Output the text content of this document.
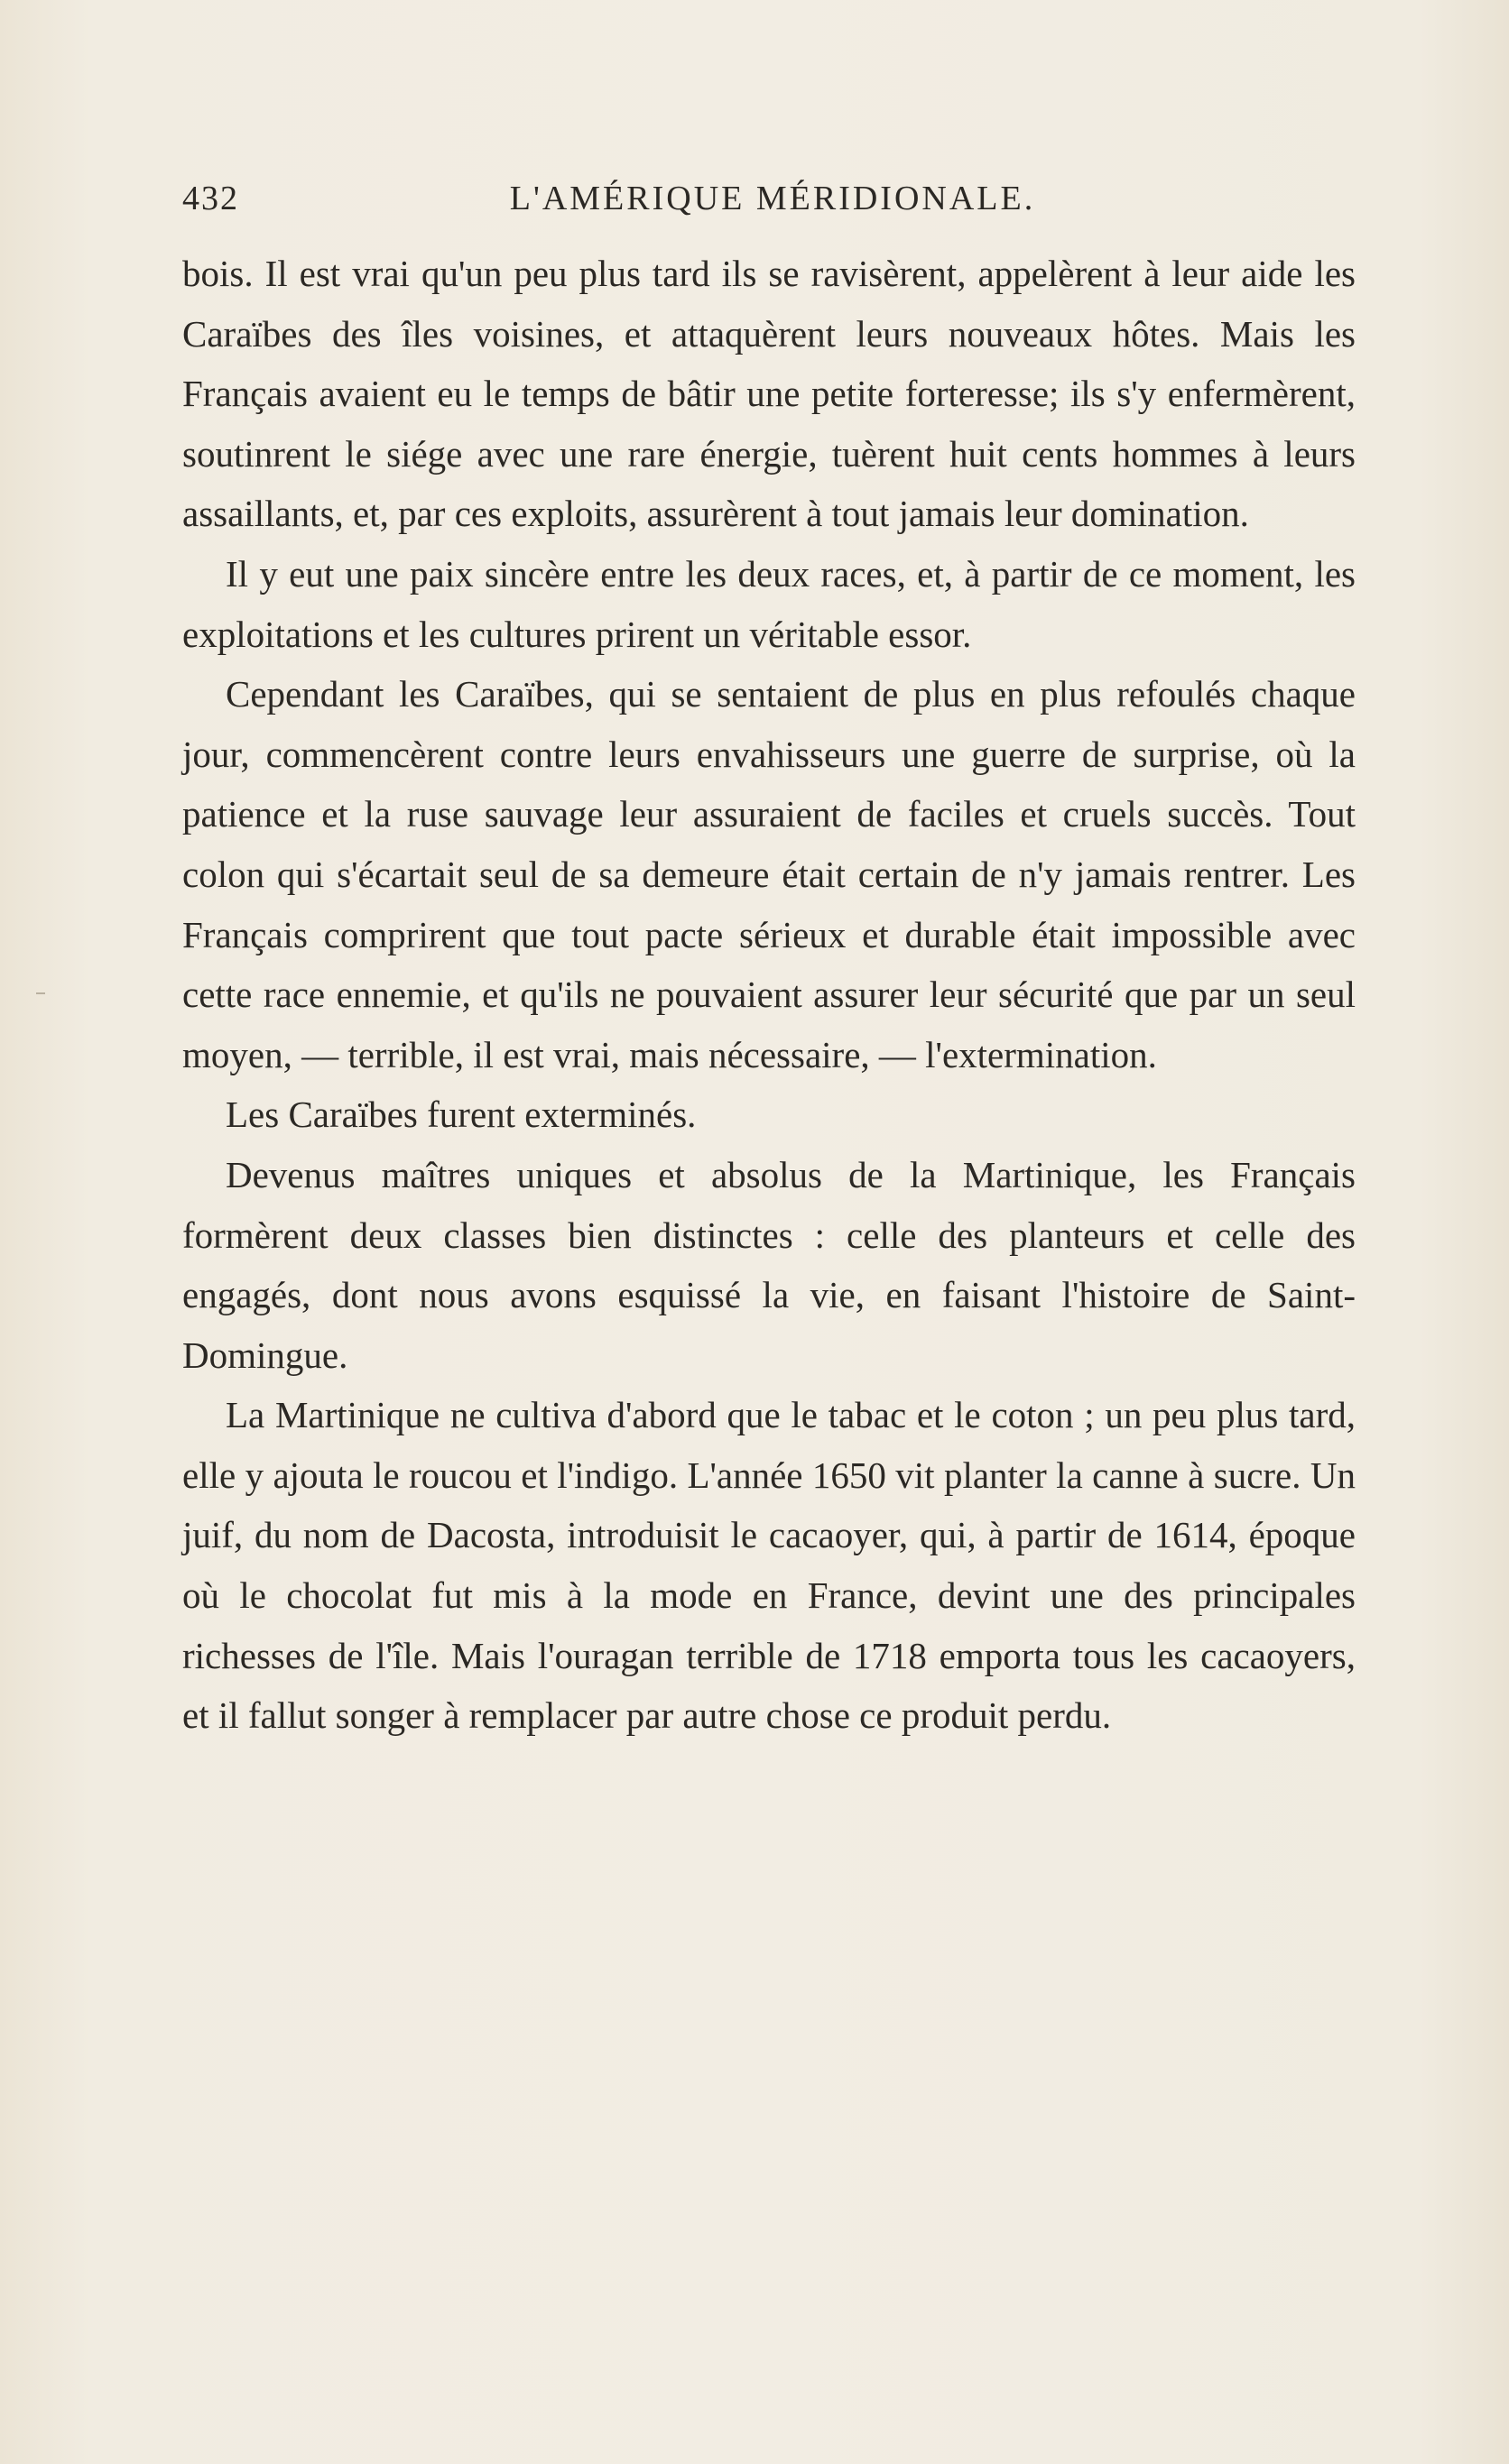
432	L'AMÉRIQUE MÉRIDIONALE.

bois. Il est vrai qu'un peu plus tard ils se ravisèrent, appelèrent à leur aide les Caraïbes des îles voisines, et attaquèrent leurs nouveaux hôtes. Mais les Français avaient eu le temps de bâtir une petite forteresse; ils s'y enfermèrent, soutinrent le siége avec une rare énergie, tuèrent huit cents hommes à leurs assaillants, et, par ces exploits, assurèrent à tout jamais leur domination.

Il y eut une paix sincère entre les deux races, et, à partir de ce moment, les exploitations et les cultures prirent un véritable essor.

Cependant les Caraïbes, qui se sentaient de plus en plus refoulés chaque jour, commencèrent contre leurs envahisseurs une guerre de surprise, où la patience et la ruse sauvage leur assuraient de faciles et cruels succès. Tout colon qui s'écartait seul de sa demeure était certain de n'y jamais rentrer. Les Français comprirent que tout pacte sérieux et durable était impossible avec cette race ennemie, et qu'ils ne pouvaient assurer leur sécurité que par un seul moyen, — terrible, il est vrai, mais nécessaire, — l'extermination.

Les Caraïbes furent exterminés.

Devenus maîtres uniques et absolus de la Martinique, les Français formèrent deux classes bien distinctes : celle des planteurs et celle des engagés, dont nous avons esquissé la vie, en faisant l'histoire de Saint-Domingue.

La Martinique ne cultiva d'abord que le tabac et le coton ; un peu plus tard, elle y ajouta le roucou et l'indigo. L'année 1650 vit planter la canne à sucre. Un juif, du nom de Dacosta, introduisit le cacaoyer, qui, à partir de 1614, époque où le chocolat fut mis à la mode en France, devint une des principales richesses de l'île. Mais l'ouragan terrible de 1718 emporta tous les cacaoyers, et il fallut songer à remplacer par autre chose ce produit perdu.
